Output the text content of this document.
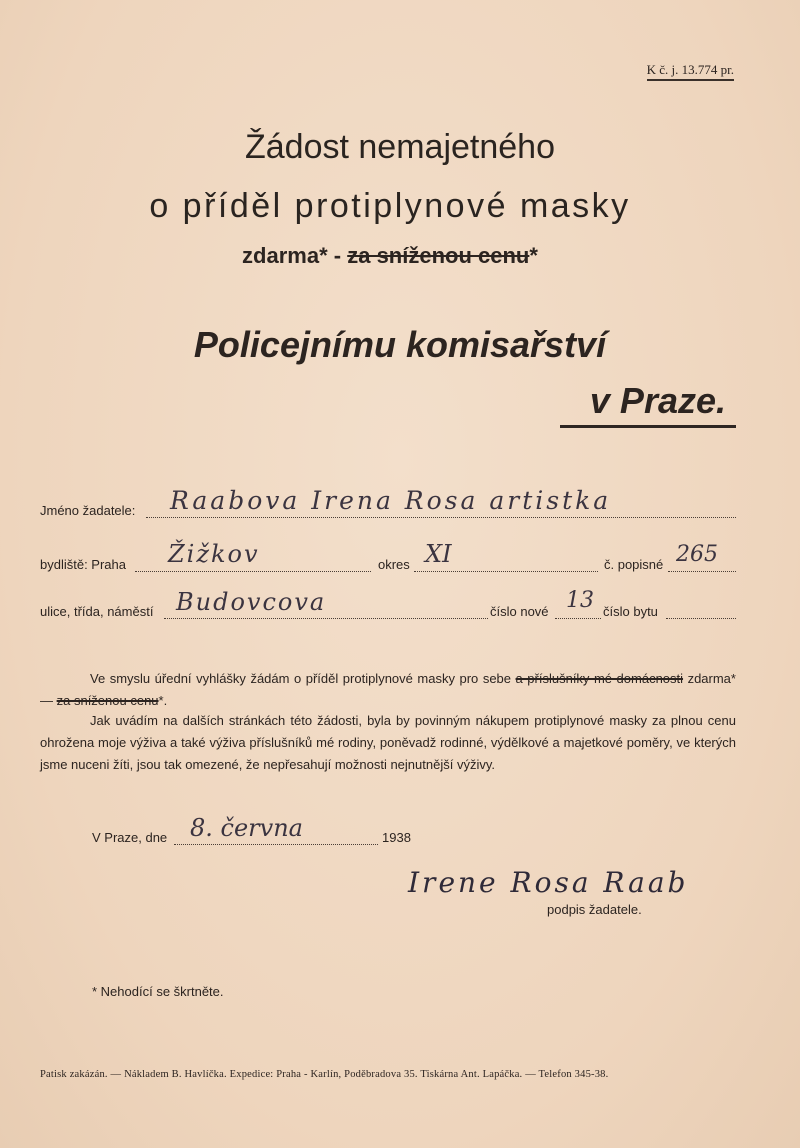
K č. j. 13.774 pr.
Žádost nemajetného
o příděl protiplynové masky
zdarma* - za sníženou cenu*
Policejnímu komisařství
v Praze.
Jméno žadatele: Raabova Irena Rosa artistka
bydliště: Praha Žižkov	okres XI	č. popisné 265
ulice, třída, náměstí Budovcova	číslo nové 13 číslo bytu
Ve smyslu úřední vyhlášky žádám o příděl protiplynové masky pro sebe a příslušníky mé domácnosti zdarma* — za sníženou cenu*.
Jak uvádím na dalších stránkách této žádosti, byla by povinným nákupem protiplynové masky za plnou cenu ohrožena moje výživa a také výživa příslušníků mé rodiny, poněvadž rodinné, výdělkové a majetkové poměry, ve kterých jsme nuceni žíti, jsou tak omezené, že nepřesahují možnosti nejnutnější výživy.
V Praze, dne 8. června	1938
Irene Rosa Raab
podpis žadatele.
* Nehodící se škrtněte.
Patisk zakázán. — Nákladem B. Havlíčka. Expedice: Praha - Karlín, Poděbradova 35. Tiskárna Ant. Lapáčka. — Telefon 345-38.
